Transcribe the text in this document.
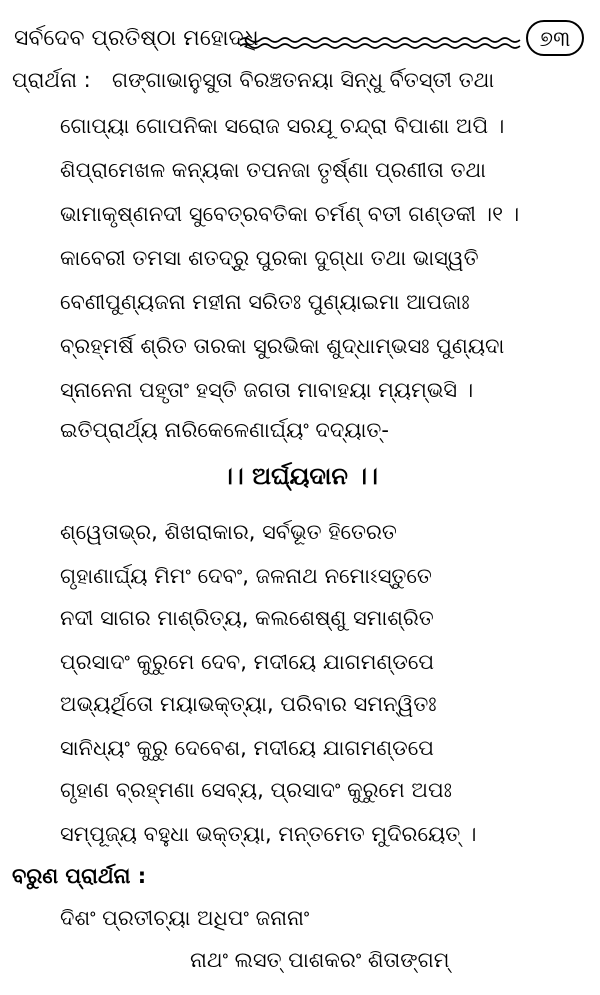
ସର୍ବଦେବ ପ୍ରତିଷ୍ଠା ମହୋଦଧି	୭୩
ପ୍ରାର୍ଥନା : ଗଙ୍ଗାଭାନୁସୁତା ବିରଞ୍ଚତନୟା ସିନ୍ଧୁ ର୍ବିତସ୍ତୀ ତଥା
ଗୋପ୍ୟା ଗୋପନିକା ସରୋଜ ସରଯୂ ଚନ୍ଦ୍ରା ବିପାଶା ଅପି ।
ଶିପ୍ରାମେଖଳ କନ୍ୟକା ତପନଜା ତୃର୍ଷ୍ଣା ପ୍ରଣୀତା ତଥା
ଭାମାକୃଷ୍ଣନଦୀ ସୁବେତ୍ରବତିକା ଚର୍ମଣ୍ ବତୀ ଗଣ୍ଡକୀ ।୧ ।
କାବେରୀ ତମସା ଶତଦ୍ରୁ ପୁରକା ଦୁଗ୍‌ଧା ତଥା ଭାସ୍ୱତି
ବେଣୀପୁଣ୍ୟଜନା ମହୀନା ସରିତଃ ପୁଣ୍ୟାଇମା ଆପଜାଃ
ବ୍ରହ୍ମର୍ଷି ଶ୍ରିତ ତାରକା ସୁରଭିକା ଶୁଦ୍ଧାମ୍ଭସଃ ପୁଣ୍ୟଦା
ସ୍ନାନେନା ପହୃତାଂ ହସ୍ତି ଜଗତା ମାବାହୟା ମ୍ୟମ୍ଭସି ।
ଇତିପ୍ରାର୍ଥ୍ୟ ନାରିକେଳେଣାର୍ଘ୍ୟଂ ଦଦ୍ୟାତ୍-
।। ଅର୍ଘ୍ୟଦାନ ।।
ଶ୍ୱେତାଭ୍ର, ଶିଖରାକାର, ସର୍ବଭୂତ ହିତେରତ
ଗୃହାଣାର୍ଘ୍ୟ ମିମଂ ଦେବଂ, ଜଳନାଥ ନମୋଽସ୍ତୁତେ
ନଦୀ ସାଗର ମାଶ୍ରିତ୍ୟ, କଲଶେଷ୍ଣୁ ସମାଶ୍ରିତ
ପ୍ରସାଦଂ କୁରୁମେ ଦେବ, ମଦୀୟେ ଯାଗମଣ୍ଡପେ
ଅଭ୍ୟର୍ଥିତୋ ମୟାଭକ୍ତ୍ୟା, ପରିବାର ସମନ୍ୱିତଃ
ସାନିଧ୍ୟଂ କୁରୁ ଦେବେଶ, ମଦୀୟେ ଯାଗମଣ୍ଡପେ
ଗୃହାଣ ବ୍ରହ୍ମଣା ସେବ୍ୟ, ପ୍ରସାଦଂ କୁରୁମେ ଅପଃ
ସମ୍ପୂଜ୍ୟ ବହୁଧା ଭକ୍ତ୍ୟା, ମନ୍ତମେତ ମୁଦିରୟେତ୍ ।
ବରୁଣ ପ୍ରାର୍ଥନା :
ଦିଶଂ ପ୍ରତୀଚ୍ୟା ଅଧିପଂ ଜନାନାଂ
ନାଥଂ ଲସତ୍ ପାଶକରଂ ଶିତାଙ୍ଗମ୍
